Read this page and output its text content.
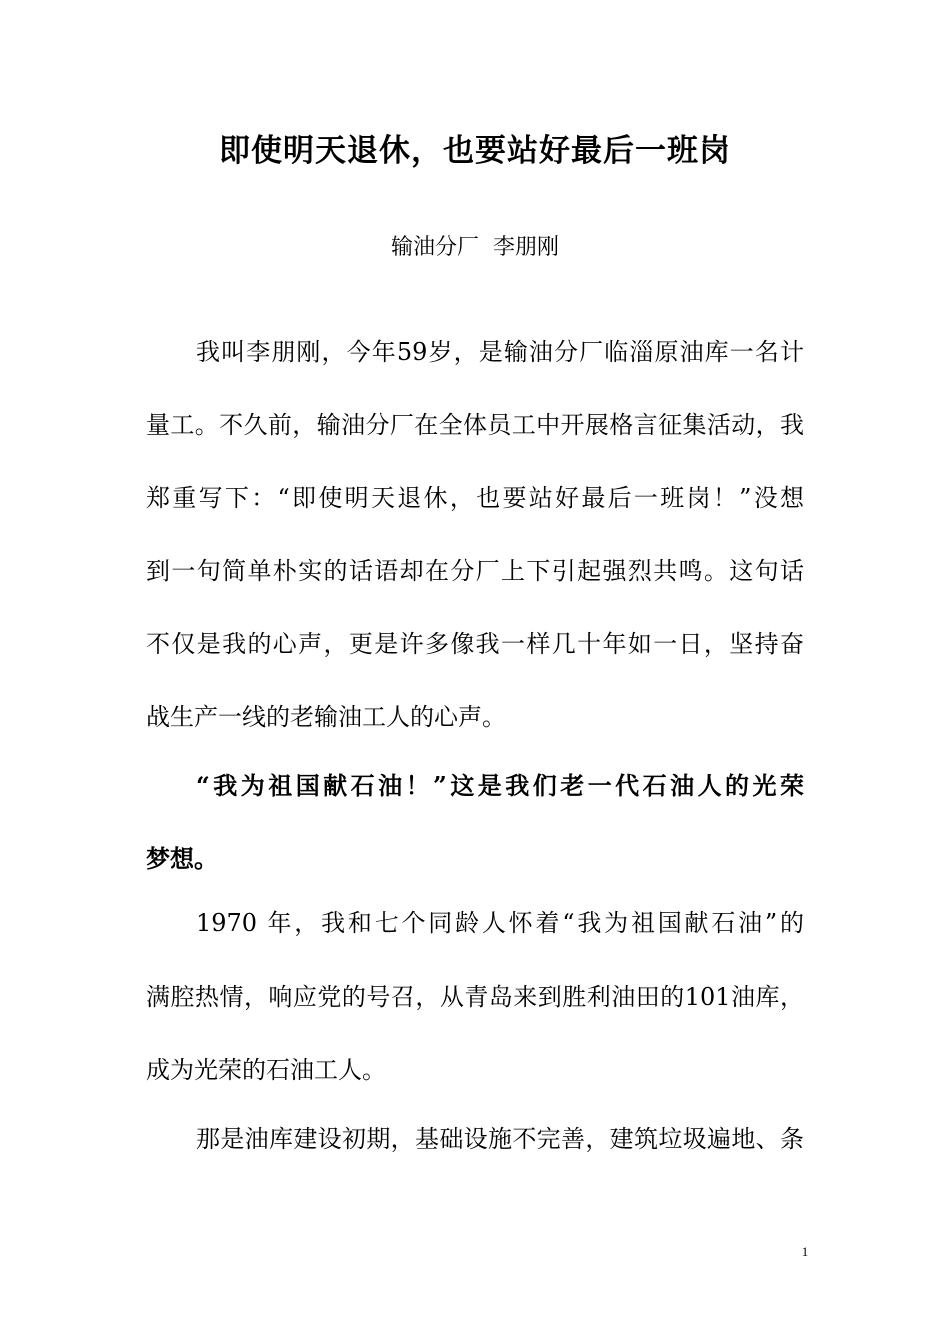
即使明天退休，也要站好最后一班岗
输油分厂  李朋刚
我叫李朋刚，今年59岁，是输油分厂临淄原油库一名计
量工。不久前，输油分厂在全体员工中开展格言征集活动，我
郑重写下：“即使明天退休，也要站好最后一班岗！”没想
到一句简单朴实的话语却在分厂上下引起强烈共鸣。这句话
不仅是我的心声，更是许多像我一样几十年如一日，坚持奋
战生产一线的老输油工人的心声。
“我为祖国献石油！”这是我们老一代石油人的光荣
梦想。
1970 年，我和七个同龄人怀着“我为祖国献石油”的
满腔热情，响应党的号召，从青岛来到胜利油田的101油库，
成为光荣的石油工人。
那是油库建设初期，基础设施不完善，建筑垃圾遍地、条
1
